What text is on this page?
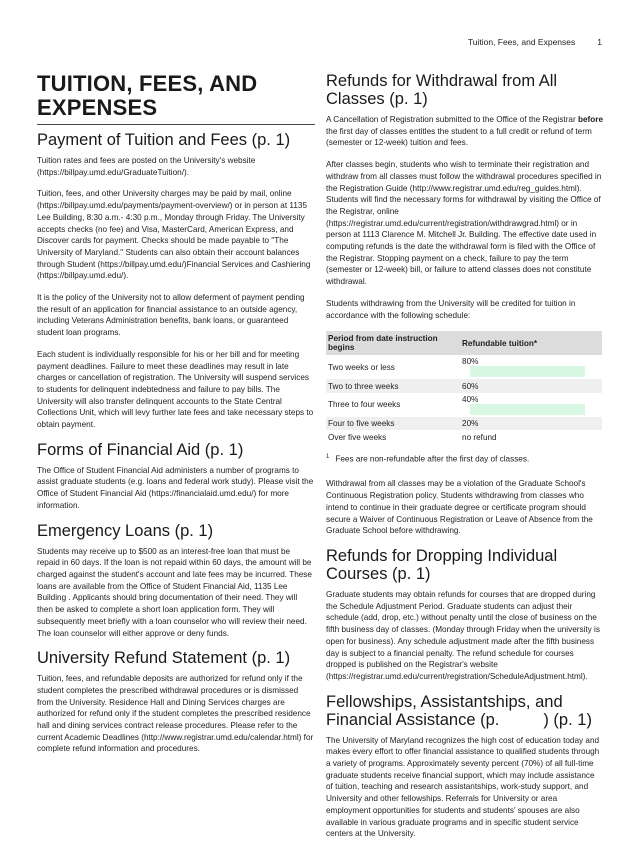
Tuition, Fees, and Expenses	1
TUITION, FEES, AND EXPENSES
Payment of Tuition and Fees (p. 1)

Tuition rates and fees are posted on the University's website (https://billpay.umd.edu/GraduateTuition/).

Tuition, fees, and other University charges may be paid by mail, online (https://billpay.umd.edu/payments/payment-overview/) or in person at 1135 Lee Building, 8:30 a.m.- 4:30 p.m., Monday through Friday. The University accepts checks (no fee) and Visa, MasterCard, American Express, and Discover cards for payment. Checks should be made payable to "The University of Maryland." Students can also obtain their account balances through Student (https://billpay.umd.edu/)Financial Services and Cashiering (https://billpay.umd.edu/).

It is the policy of the University not to allow deferment of payment pending the result of an application for financial assistance to an outside agency, including Veterans Administration benefits, bank loans, or guaranteed student loan programs.

Each student is individually responsible for his or her bill and for meeting payment deadlines. Failure to meet these deadlines may result in late charges or cancellation of registration. The University will suspend services to students for delinquent indebtedness and failure to pay bills. The University will also transfer delinquent accounts to the State Central Collections Unit, which will levy further late fees and take necessary steps to obtain payment.

Forms of Financial Aid (p. 1)

The Office of Student Financial Aid administers a number of programs to assist graduate students (e.g. loans and federal work study). Please visit the Office of Student Financial Aid (https://financialaid.umd.edu/) for more information.

Emergency Loans (p. 1)

Students may receive up to $500 as an interest-free loan that must be repaid in 60 days. If the loan is not repaid within 60 days, the amount will be charged against the student's account and late fees may be incurred. These loans are available from the Office of Student Financial Aid, 1135 Lee Building . Applicants should bring documentation of their need. They will then be asked to complete a short loan application form. They will subsequently meet briefly with a loan counselor who will review their need. The loan counselor will either approve or deny funds.

University Refund Statement (p. 1)

Tuition, fees, and refundable deposits are authorized for refund only if the student completes the prescribed withdrawal procedures or is dismissed from the University. Residence Hall and Dining Services charges are authorized for refund only if the student completes the prescribed residence hall and dining services contract release procedures. Please refer to the current Academic Deadlines (http://www.registrar.umd.edu/calendar.html) for complete refund information and procedures.

Refunds for Withdrawal from All Classes (p. 1)

A Cancellation of Registration submitted to the Office of the Registrar before the first day of classes entitles the student to a full credit or refund of term (semester or 12-week) tuition and fees.

After classes begin, students who wish to terminate their registration and withdraw from all classes must follow the withdrawal procedures specified in the Registration Guide (http://www.registrar.umd.edu/reg_guides.html). Students will find the necessary forms for withdrawal by visiting the Office of the Registrar, online (https://registrar.umd.edu/current/registration/withdrawgrad.html) or in person at 1113 Clarence M. Mitchell Jr. Building. The effective date used in computing refunds is the date the withdrawal form is filed with the Office of the Registrar. Stopping payment on a check, failure to pay the term (semester or 12-week) bill, or failure to attend classes does not constitute withdrawal.

Students withdrawing from the University will be credited for tuition in accordance with the following schedule:

Period from date instruction begins	Refundable tuition*
Two weeks or less	80%
Two to three weeks	60%
Three to four weeks	40%
Four to five weeks	20%
Over five weeks	no refund
$^1$ Fees are non-refundable after the first day of classes.

Withdrawal from all classes may be a violation of the Graduate School's Continuous Registration policy. Students withdrawing from classes who intend to continue in their graduate degree or certificate program should secure a Waiver of Continuous Registration or Leave of Absence from the Graduate School before withdrawing.

Refunds for Dropping Individual Courses (p. 1)

Graduate students may obtain refunds for courses that are dropped during the Schedule Adjustment Period. Graduate students can adjust their schedule (add, drop, etc.) without penalty until the close of business on the fifth business day of classes. (Monday through Friday when the university is open for business). Any schedule adjustment made after the fifth business day is subject to a financial penalty. The refund schedule for courses dropped is published on the Registrar's website (https://registrar.umd.edu/current/registration/ScheduleAdjustment.html).

Fellowships, Assistantships, and Financial Assistance (p.	) (p. 1)

The University of Maryland recognizes the high cost of education today and makes every effort to offer financial assistance to qualified students through a variety of programs. Approximately seventy percent (70%) of all full-time graduate students receive financial support, which may include assistance of tuition, teaching and research assistantships, work-study support, and University and other fellowships. Referrals for University or area employment opportunities for students and students' spouses are also available in various graduate programs and in specific student service centers at the University.
